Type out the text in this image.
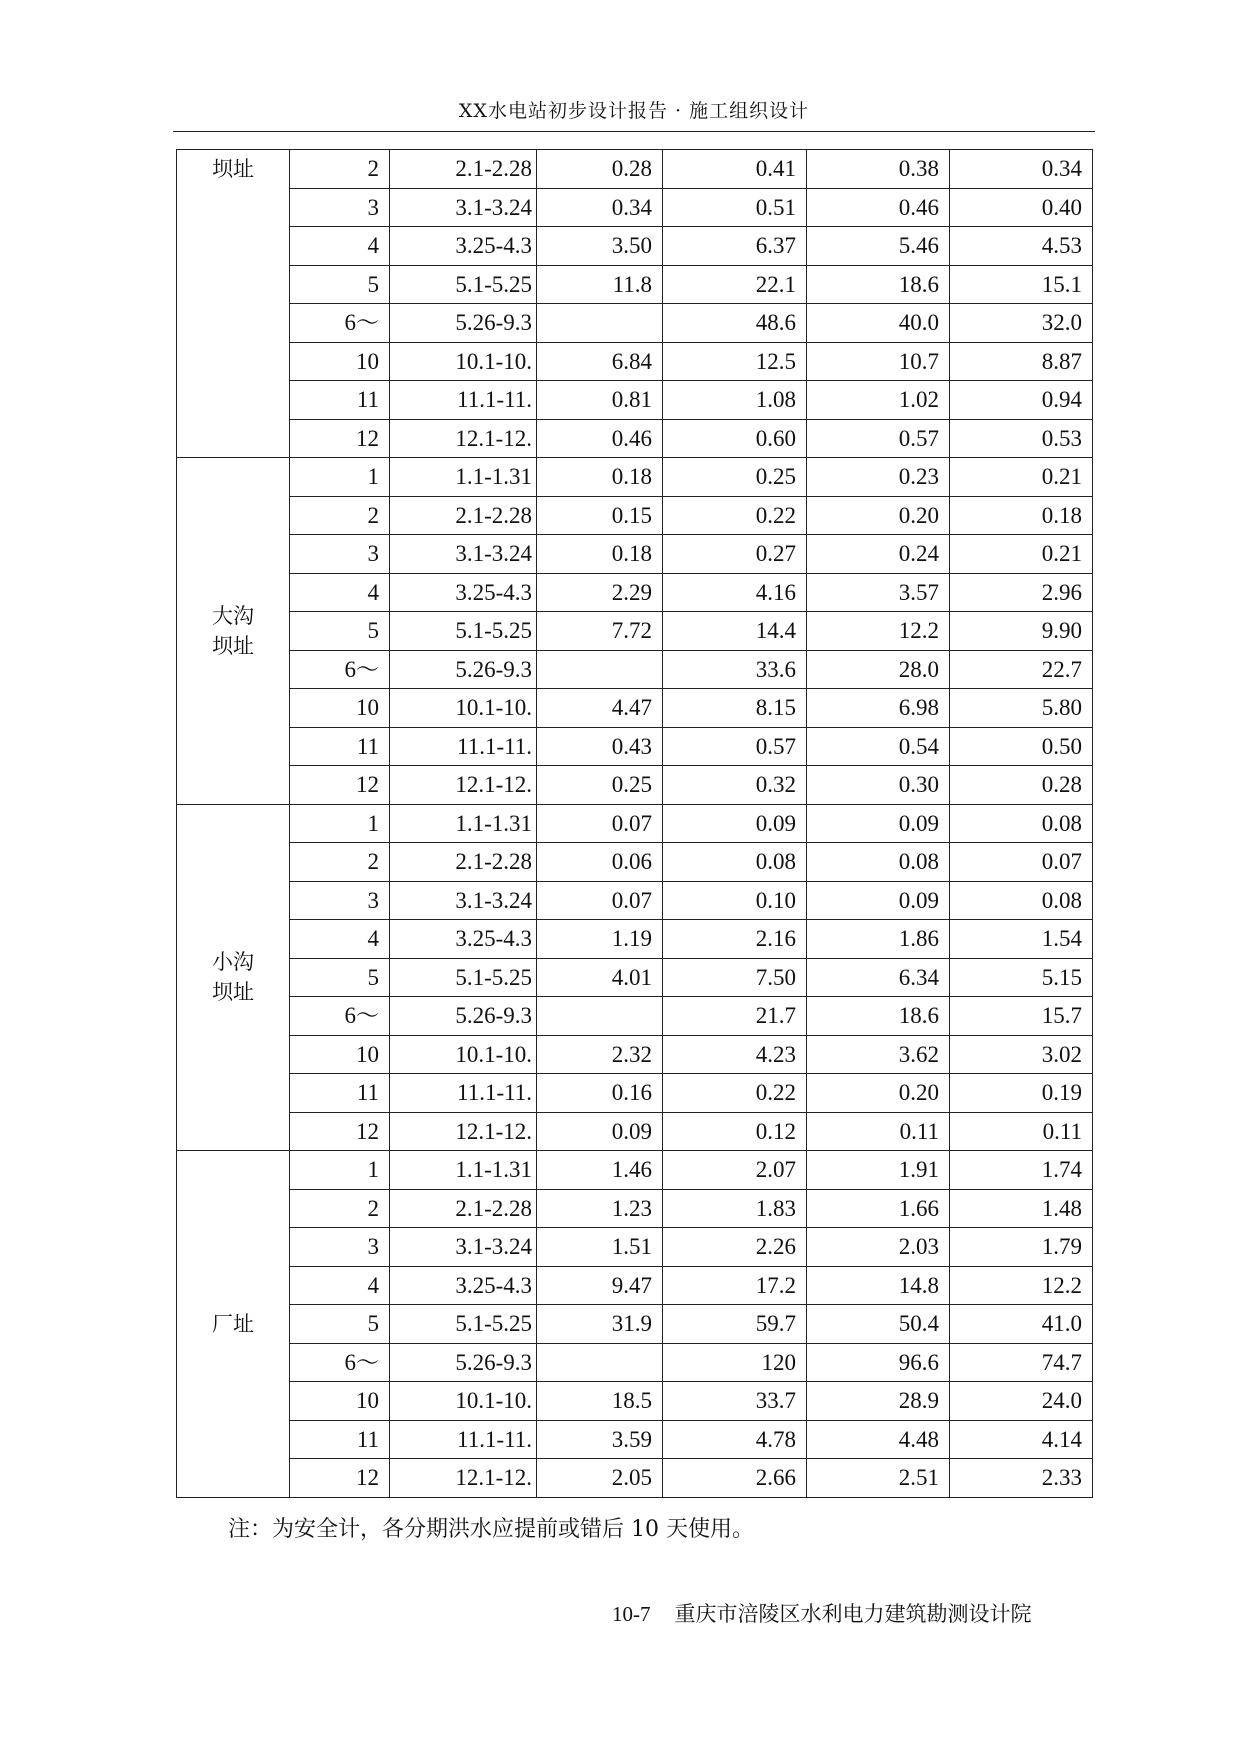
XX水电站初步设计报告 · 施工组织设计
坝址	2	2.1-2.28	0.28	0.41	0.38	0.34
	3	3.1-3.24	0.34	0.51	0.46	0.40
	4	3.25-4.3	3.50	6.37	5.46	4.53
	5	5.1-5.25	11.8	22.1	18.6	15.1
	6～	5.26-9.3		48.6	40.0	32.0
	10	10.1-10.	6.84	12.5	10.7	8.87
	11	11.1-11.	0.81	1.08	1.02	0.94
	12	12.1-12.	0.46	0.60	0.57	0.53
大沟坝址	1	1.1-1.31	0.18	0.25	0.23	0.21
	2	2.1-2.28	0.15	0.22	0.20	0.18
	3	3.1-3.24	0.18	0.27	0.24	0.21
	4	3.25-4.3	2.29	4.16	3.57	2.96
	5	5.1-5.25	7.72	14.4	12.2	9.90
	6～	5.26-9.3		33.6	28.0	22.7
	10	10.1-10.	4.47	8.15	6.98	5.80
	11	11.1-11.	0.43	0.57	0.54	0.50
	12	12.1-12.	0.25	0.32	0.30	0.28
小沟坝址	1	1.1-1.31	0.07	0.09	0.09	0.08
	2	2.1-2.28	0.06	0.08	0.08	0.07
	3	3.1-3.24	0.07	0.10	0.09	0.08
	4	3.25-4.3	1.19	2.16	1.86	1.54
	5	5.1-5.25	4.01	7.50	6.34	5.15
	6～	5.26-9.3		21.7	18.6	15.7
	10	10.1-10.	2.32	4.23	3.62	3.02
	11	11.1-11.	0.16	0.22	0.20	0.19
	12	12.1-12.	0.09	0.12	0.11	0.11
厂址	1	1.1-1.31	1.46	2.07	1.91	1.74
	2	2.1-2.28	1.23	1.83	1.66	1.48
	3	3.1-3.24	1.51	2.26	2.03	1.79
	4	3.25-4.3	9.47	17.2	14.8	12.2
	5	5.1-5.25	31.9	59.7	50.4	41.0
	6～	5.26-9.3		120	96.6	74.7
	10	10.1-10.	18.5	33.7	28.9	24.0
	11	11.1-11.	3.59	4.78	4.48	4.14
	12	12.1-12.	2.05	2.66	2.51	2.33
注：为安全计，各分期洪水应提前或错后 10 天使用。
10-7 重庆市涪陵区水利电力建筑勘测设计院
